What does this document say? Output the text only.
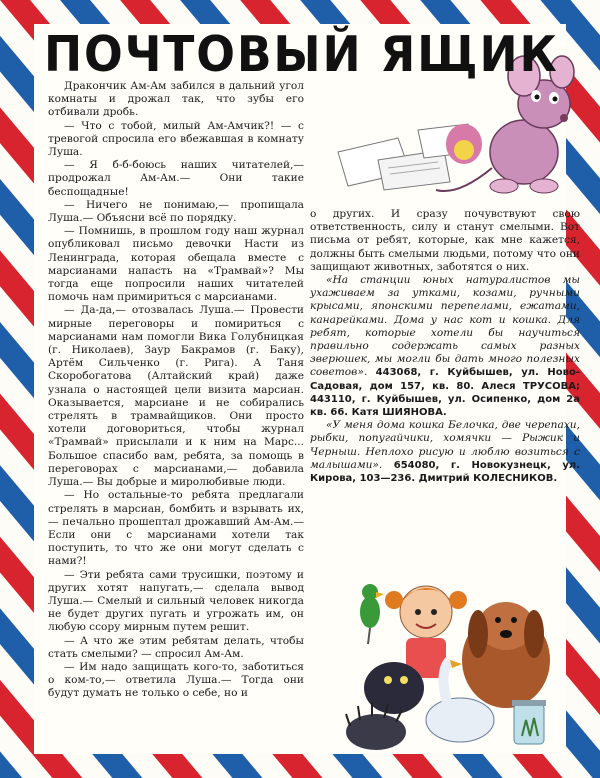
ПОЧТОВЫЙ ЯЩИК

Дракончик Ам-Ам забился в дальний угол комнаты и дрожал так, что зубы его отбивали дробь.

— Что с тобой, милый Ам-Амчик?! — с тревогой спросила его вбежавшая в комнату Луша.

— Я б-б-боюсь наших читателей,— продрожал Ам-Ам.— Они такие беспощадные!

— Ничего не понимаю,— пропищала Луша.— Объясни всё по порядку.

— Помнишь, в прошлом году наш журнал опубликовал письмо девочки Насти из Ленинграда, которая обещала вместе с марсианами напасть на «Трамвай»? Мы тогда еще попросили наших читателей помочь нам примириться с марсианами.

— Да-да,— отозвалась Луша.— Провести мирные переговоры и помириться с марсианами нам помогли Вика Голубницкая (г. Николаев), Заур Бакрамов (г. Баку), Артём Сильченко (г. Рига). А Таня Скоробогатова (Алтайский край) даже узнала о настоящей цели визита марсиан. Оказывается, марсиане и не собирались стрелять в трамвайщиков. Они просто хотели договориться, чтобы журнал «Трамвай» присылали и к ним на Марс... Большое спасибо вам, ребята, за помощь в переговорах с марсианами,— добавила Луша.— Вы добрые и миролюбивые люди.

— Но остальные-то ребята предлагали стрелять в марсиан, бомбить и взрывать их,— печально прошептал дрожавший Ам-Ам.— Если они с марсианами хотели так поступить, то что же они могут сделать с нами?!

— Эти ребята сами трусишки, поэтому и других хотят напугать,— сделала вывод Луша.— Смелый и сильный человек никогда не будет других пугать и угрожать им, он любую ссору мирным путем решит.

— А что же этим ребятам делать, чтобы стать смелыми? — спросил Ам-Ам.

— Им надо защищать кого-то, заботиться о ком-то,— ответила Луша.— Тогда они будут думать не только о себе, но и

о других. И сразу почувствуют свою ответственность, силу и станут смелыми. Вот письма от ребят, которые, как мне кажется, должны быть смелыми людьми, потому что они защищают животных, заботятся о них.

«На станции юных натуралистов мы ухаживаем за утками, козами, ручными крысами, японскими перепелами, ежатами, канарейками. Дома у нас кот и кошка. Для ребят, которые хотели бы научиться правильно содержать самых разных зверюшек, мы могли бы дать много полезных советов». 443068, г. Куйбышев, ул. Ново-Садовая, дом 157, кв. 80. Алеся ТРУСОВА; 443110, г. Куйбышев, ул. Осипенко, дом 2а кв. 66. Катя ШИЯНОВА.

«У меня дома кошка Белочка, две черепахи, рыбки, попугайчики, хомячки — Рыжик и Черныш. Неплохо рисую и люблю возиться с малышами». 654080, г. Новокузнецк, ул. Кирова, 103—236. Дмитрий КОЛЕСНИКОВ.
